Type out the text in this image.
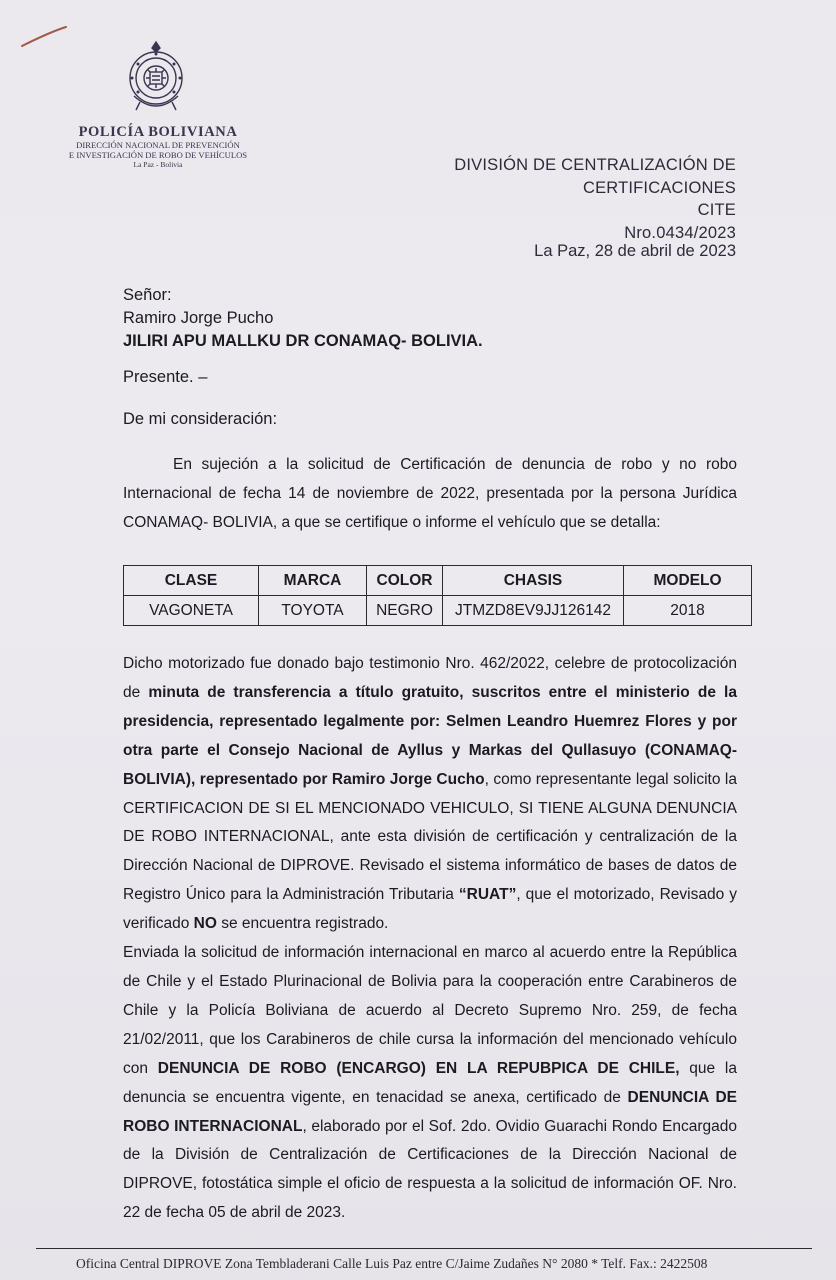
POLICÍA BOLIVIANA
DIRECCIÓN NACIONAL DE PREVENCIÓN
E INVESTIGACIÓN DE ROBO DE VEHÍCULOS
La Paz - Bolivia	DIVISIÓN DE CENTRALIZACIÓN DE
CERTIFICACIONES
CITE
Nro.0434/2023
La Paz, 28 de abril de 2023
Señor:
Ramiro Jorge Pucho
JILIRI APU MALLKU DR CONAMAQ- BOLIVIA.
Presente. –
De mi consideración:
En sujeción a la solicitud de Certificación de denuncia de robo y no robo Internacional de fecha 14 de noviembre de 2022, presentada por la persona Jurídica CONAMAQ- BOLIVIA, a que se certifique o informe el vehículo que se detalla:
CLASE	MARCA	COLOR	CHASIS	MODELO
VAGONETA	TOYOTA	NEGRO	JTMZD8EV9JJ126142	2018

Dicho motorizado fue donado bajo testimonio Nro. 462/2022, celebre de protocolización de minuta de transferencia a título gratuito, suscritos entre el ministerio de la presidencia, representado legalmente por: Selmen Leandro Huemrez Flores y por otra parte el Consejo Nacional de Ayllus y Markas del Qullasuyo (CONAMAQ-BOLIVIA), representado por Ramiro Jorge Cucho, como representante legal solicito la CERTIFICACION DE SI EL MENCIONADO VEHICULO, SI TIENE ALGUNA DENUNCIA DE ROBO INTERNACIONAL, ante esta división de certificación y centralización de la Dirección Nacional de DIPROVE. Revisado el sistema informático de bases de datos de Registro Único para la Administración Tributaria “RUAT”, que el motorizado, Revisado y verificado NO se encuentra registrado.

Enviada la solicitud de información internacional en marco al acuerdo entre la República de Chile y el Estado Plurinacional de Bolivia para la cooperación entre Carabineros de Chile y la Policía Boliviana de acuerdo al Decreto Supremo Nro. 259, de fecha 21/02/2011, que los Carabineros de chile cursa la información del mencionado vehículo con DENUNCIA DE ROBO (ENCARGO) EN LA REPUBPICA DE CHILE, que la denuncia se encuentra vigente, en tenacidad se anexa, certificado de DENUNCIA DE ROBO INTERNACIONAL, elaborado por el Sof. 2do. Ovidio Guarachi Rondo Encargado de la División de Centralización de Certificaciones de la Dirección Nacional de DIPROVE, fotostática simple el oficio de respuesta a la solicitud de información OF. Nro. 22 de fecha 05 de abril de 2023.

Oficina Central DIPROVE Zona Tembladerani Calle Luis Paz entre C/Jaime Zudañes N° 2080 * Telf. Fax.: 2422508
